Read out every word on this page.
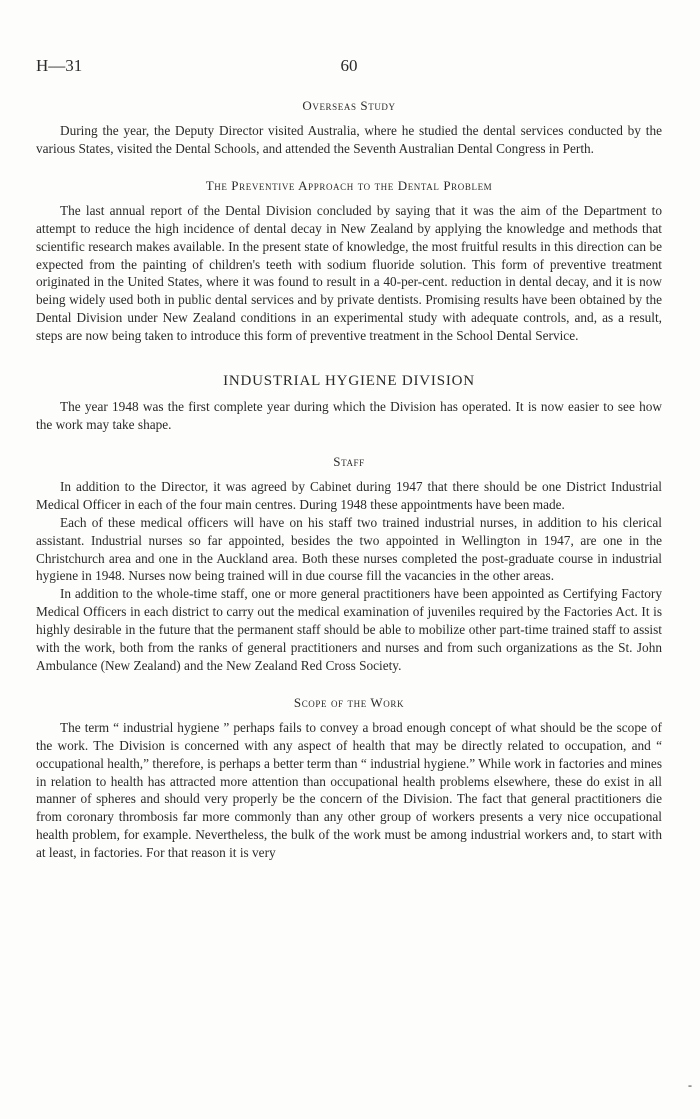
H—31	60
Overseas Study

During the year, the Deputy Director visited Australia, where he studied the dental services conducted by the various States, visited the Dental Schools, and attended the Seventh Australian Dental Congress in Perth.

The Preventive Approach to the Dental Problem

The last annual report of the Dental Division concluded by saying that it was the aim of the Department to attempt to reduce the high incidence of dental decay in New Zealand by applying the knowledge and methods that scientific research makes available. In the present state of knowledge, the most fruitful results in this direction can be expected from the painting of children's teeth with sodium fluoride solution. This form of preventive treatment originated in the United States, where it was found to result in a 40-per-cent. reduction in dental decay, and it is now being widely used both in public dental services and by private dentists. Promising results have been obtained by the Dental Division under New Zealand conditions in an experimental study with adequate controls, and, as a result, steps are now being taken to introduce this form of preventive treatment in the School Dental Service.

INDUSTRIAL HYGIENE DIVISION

The year 1948 was the first complete year during which the Division has operated. It is now easier to see how the work may take shape.

Staff

In addition to the Director, it was agreed by Cabinet during 1947 that there should be one District Industrial Medical Officer in each of the four main centres. During 1948 these appointments have been made.

Each of these medical officers will have on his staff two trained industrial nurses, in addition to his clerical assistant. Industrial nurses so far appointed, besides the two appointed in Wellington in 1947, are one in the Christchurch area and one in the Auckland area. Both these nurses completed the post-graduate course in industrial hygiene in 1948. Nurses now being trained will in due course fill the vacancies in the other areas.

In addition to the whole-time staff, one or more general practitioners have been appointed as Certifying Factory Medical Officers in each district to carry out the medical examination of juveniles required by the Factories Act. It is highly desirable in the future that the permanent staff should be able to mobilize other part-time trained staff to assist with the work, both from the ranks of general practitioners and nurses and from such organizations as the St. John Ambulance (New Zealand) and the New Zealand Red Cross Society.

Scope of the Work

The term “ industrial hygiene ” perhaps fails to convey a broad enough concept of what should be the scope of the work. The Division is concerned with any aspect of health that may be directly related to occupation, and “ occupational health,” therefore, is perhaps a better term than “ industrial hygiene.” While work in factories and mines in relation to health has attracted more attention than occupational health problems elsewhere, these do exist in all manner of spheres and should very properly be the concern of the Division. The fact that general practitioners die from coronary thrombosis far more commonly than any other group of workers presents a very nice occupational health problem, for example. Nevertheless, the bulk of the work must be among industrial workers and, to start with at least, in factories. For that reason it is very

-
